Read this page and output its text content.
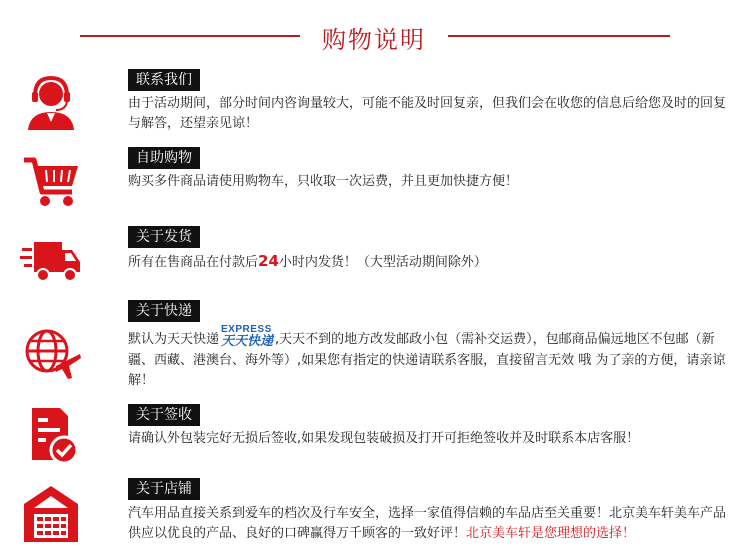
购物说明
联系我们
由于活动期间，部分时间内咨询量较大，可能不能及时回复亲，但我们会在收您的信息后给您及时的回复与解答，还望亲见谅！
自助购物
购买多件商品请使用购物车，只收取一次运费，并且更加快捷方便！
关于发货
所有在售商品在付款后24小时内发货！（大型活动期间除外）
关于快递
默认为天天快递
EXPRESS
天天快递 ,天天不到的地方改发邮政小包（需补交运费），包邮商品偏远地区不包邮（新疆、西藏、港澳台、海外等）,如果您有指定的快递请联系客服，直接留言无效 哦 为了亲的方便，请亲谅解！
关于签收
请确认外包装完好无损后签收,如果发现包装破损及打开可拒绝签收并及时联系本店客服！
关于店铺
汽车用品直接关系到爱车的档次及行车安全，选择一家值得信赖的车品店至关重要！北京美车轩美车产品供应以优良的产品、良好的口碑赢得万千顾客的一致好评！北京美车轩是您理想的选择！
